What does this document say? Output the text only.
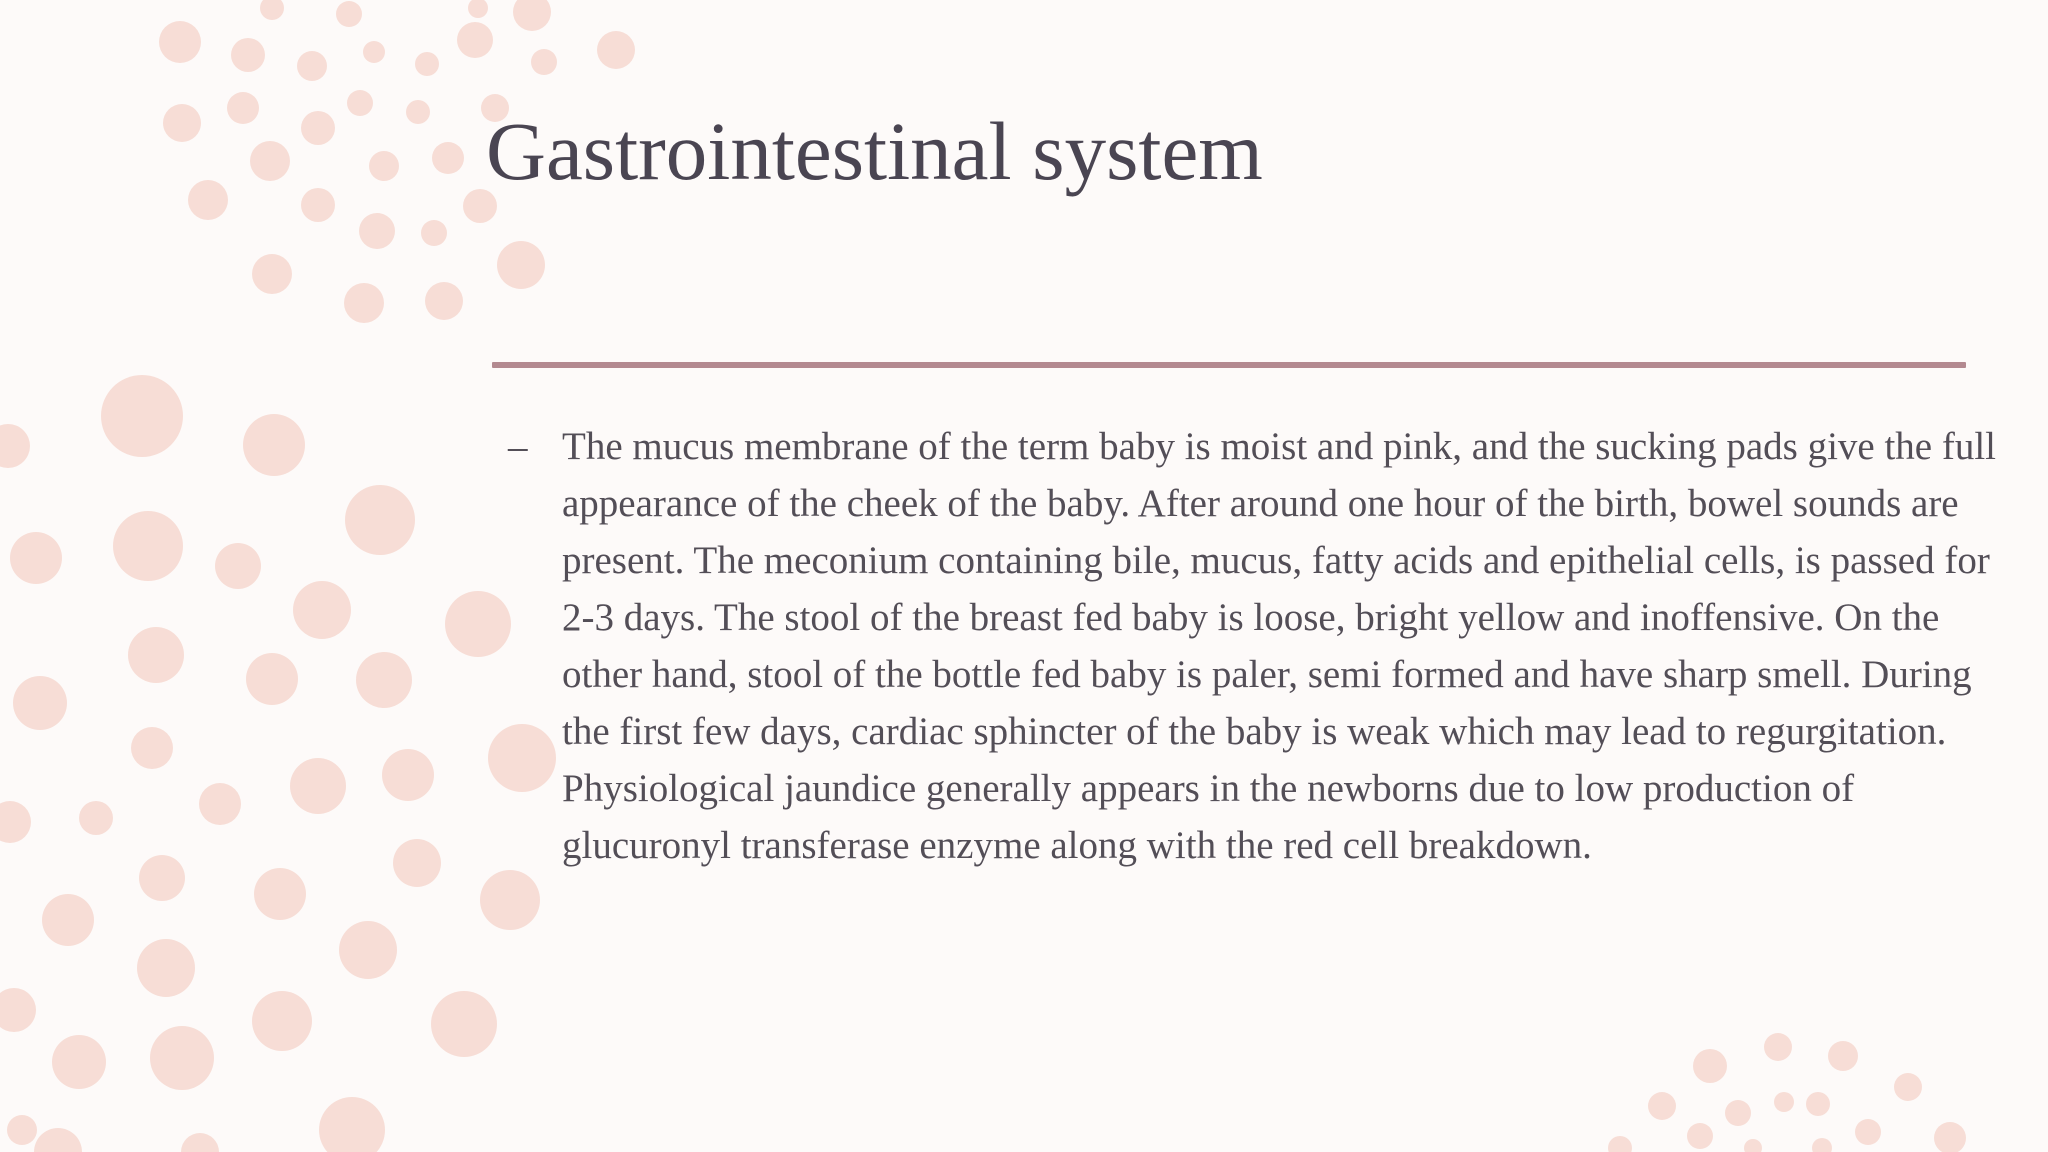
Gastrointestinal system
– The mucus membrane of the term baby is moist and pink, and the sucking pads give the full appearance of the cheek of the baby. After around one hour of the birth, bowel sounds are present. The meconium containing bile, mucus, fatty acids and epithelial cells, is passed for 2-3 days. The stool of the breast fed baby is loose, bright yellow and inoffensive. On the other hand, stool of the bottle fed baby is paler, semi formed and have sharp smell. During the first few days, cardiac sphincter of the baby is weak which may lead to regurgitation. Physiological jaundice generally appears in the newborns due to low production of glucuronyl transferase enzyme along with the red cell breakdown.
